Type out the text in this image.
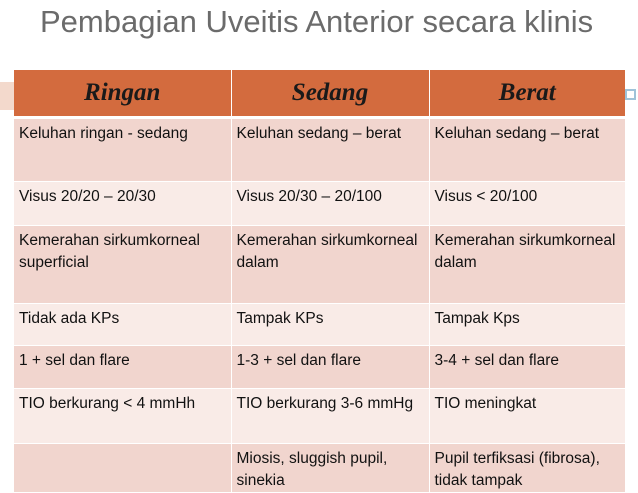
Pembagian Uveitis Anterior secara klinis
Ringan	Sedang	Berat
Keluhan ringan - sedang	Keluhan sedang – berat	Keluhan sedang – berat
Visus 20/20 – 20/30	Visus 20/30 – 20/100	Visus < 20/100
Kemerahan sirkumkorneal superficial	Kemerahan sirkumkorneal dalam	Kemerahan sirkumkorneal dalam
Tidak ada KPs	Tampak KPs	Tampak Kps
1 + sel dan flare	1-3 + sel dan flare	3-4 + sel dan flare
TIO berkurang < 4 mmHh	TIO berkurang 3-6 mmHg	TIO meningkat
	Miosis, sluggish pupil, sinekia	Pupil terfiksasi (fibrosa), tidak tampak
